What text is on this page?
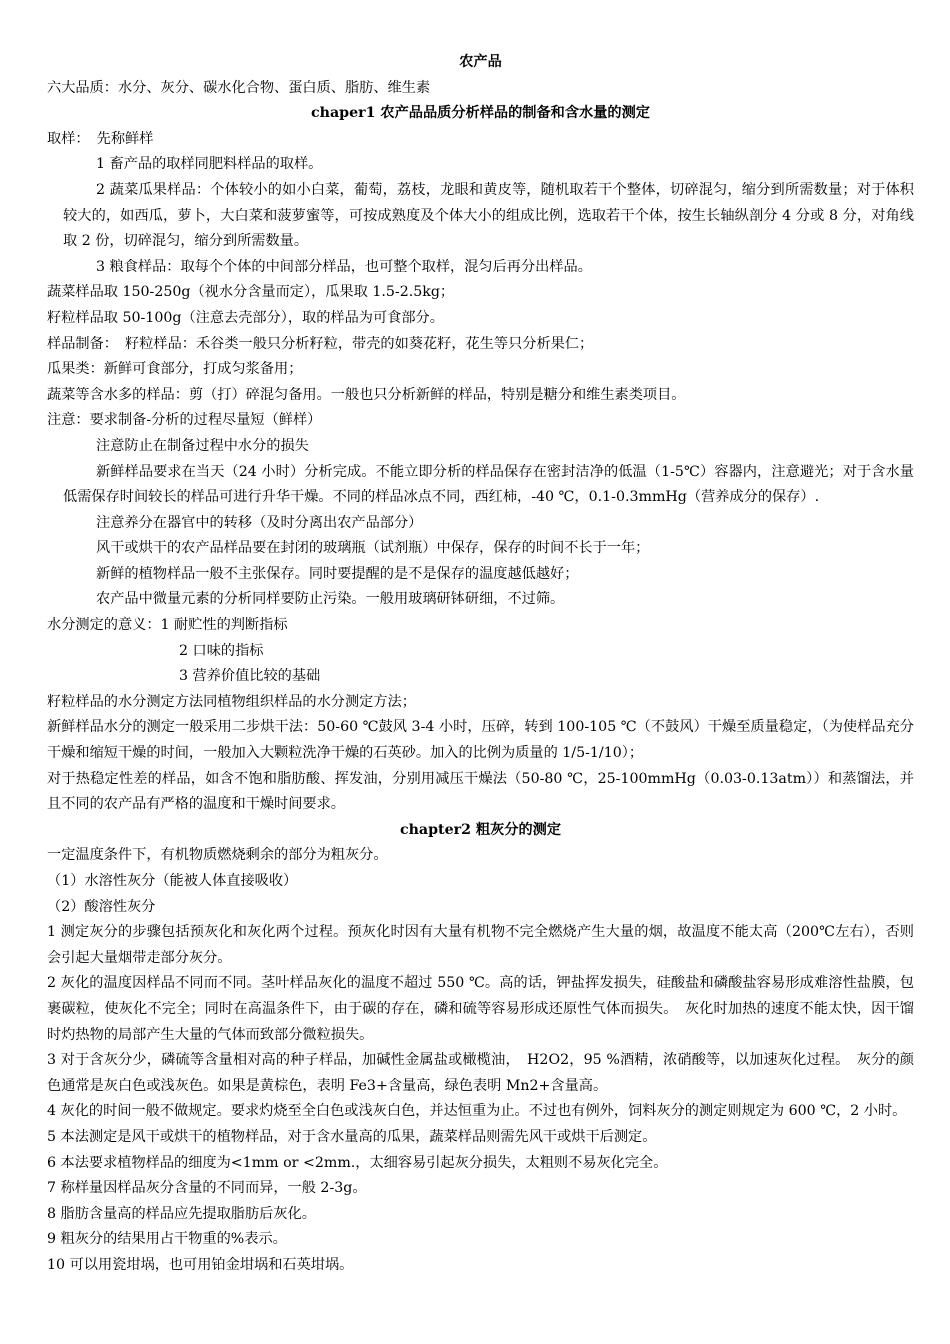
农产品
六大品质：水分、灰分、碳水化合物、蛋白质、脂肪、维生素
chaper1 农产品品质分析样品的制备和含水量的测定
取样：　先称鲜样
1 畜产品的取样同肥料样品的取样。
2 蔬菜瓜果样品：个体较小的如小白菜，葡萄，荔枝，龙眼和黄皮等，随机取若干个整体，切碎混匀，缩分到所需数量；对于体积较大的，如西瓜，萝卜，大白菜和菠萝蜜等，可按成熟度及个体大小的组成比例，选取若干个体，按生长轴纵剖分 4 分或 8 分，对角线取 2 份，切碎混匀，缩分到所需数量。
3 粮食样品：取每个个体的中间部分样品，也可整个取样，混匀后再分出样品。
蔬菜样品取 150-250g（视水分含量而定），瓜果取 1.5-2.5kg；
籽粒样品取 50-100g（注意去壳部分），取的样品为可食部分。
样品制备：　籽粒样品：禾谷类一般只分析籽粒，带壳的如葵花籽，花生等只分析果仁；
瓜果类：新鲜可食部分，打成匀浆备用；
蔬菜等含水多的样品：剪（打）碎混匀备用。一般也只分析新鲜的样品，特别是糖分和维生素类项目。
注意：要求制备-分析的过程尽量短（鲜样）
注意防止在制备过程中水分的损失
新鲜样品要求在当天（24 小时）分析完成。不能立即分析的样品保存在密封洁净的低温（1-5℃）容器内，注意避光；对于含水量低需保存时间较长的样品可进行升华干燥。不同的样品冰点不同，西红柿，-40 ℃，0.1-0.3mmHg（营养成分的保存）.
注意养分在器官中的转移（及时分离出农产品部分）
风干或烘干的农产品样品要在封闭的玻璃瓶（试剂瓶）中保存，保存的时间不长于一年；
新鲜的植物样品一般不主张保存。同时要提醒的是不是保存的温度越低越好；
农产品中微量元素的分析同样要防止污染。一般用玻璃研钵研细，不过筛。
水分测定的意义：1 耐贮性的判断指标
2 口味的指标
3 营养价值比较的基础
籽粒样品的水分测定方法同植物组织样品的水分测定方法；
新鲜样品水分的测定一般采用二步烘干法：50-60 ℃鼓风 3-4 小时，压碎，转到 100-105 ℃（不鼓风）干燥至质量稳定，（为使样品充分干燥和缩短干燥的时间，一般加入大颗粒洗净干燥的石英砂。加入的比例为质量的 1/5-1/10）；
对于热稳定性差的样品，如含不饱和脂肪酸、挥发油，分别用减压干燥法（50-80 ℃，25-100mmHg（0.03-0.13atm））和蒸馏法，并且不同的农产品有严格的温度和干燥时间要求。
chapter2 粗灰分的测定
一定温度条件下，有机物质燃烧剩余的部分为粗灰分。
（1）水溶性灰分（能被人体直接吸收）
（2）酸溶性灰分
1 测定灰分的步骤包括预灰化和灰化两个过程。预灰化时因有大量有机物不完全燃烧产生大量的烟，故温度不能太高（200℃左右），否则会引起大量烟带走部分灰分。
2 灰化的温度因样品不同而不同。茎叶样品灰化的温度不超过 550 ℃。高的话，钾盐挥发损失，硅酸盐和磷酸盐容易形成难溶性盐膜，包裹碳粒，使灰化不完全；同时在高温条件下，由于碳的存在，磷和硫等容易形成还原性气体而损失。　灰化时加热的速度不能太快，因干馏时灼热物的局部产生大量的气体而致部分微粒损失。
3 对于含灰分少，磷硫等含量相对高的种子样品，加碱性金属盐或橄榄油，　H2O2，95 %酒精，浓硝酸等，以加速灰化过程。　灰分的颜色通常是灰白色或浅灰色。如果是黄棕色，表明 Fe3+含量高，绿色表明 Mn2+含量高。
4 灰化的时间一般不做规定。要求灼烧至全白色或浅灰白色，并达恒重为止。不过也有例外，饲料灰分的测定则规定为 600 ℃，2 小时。
5 本法测定是风干或烘干的植物样品，对于含水量高的瓜果，蔬菜样品则需先风干或烘干后测定。
6 本法要求植物样品的细度为<1mm or <2mm.，太细容易引起灰分损失，太粗则不易灰化完全。
7 称样量因样品灰分含量的不同而异，一般 2-3g。
8 脂肪含量高的样品应先提取脂肪后灰化。
9 粗灰分的结果用占干物重的%表示。
10 可以用瓷坩埚，也可用铂金坩埚和石英坩埚。
